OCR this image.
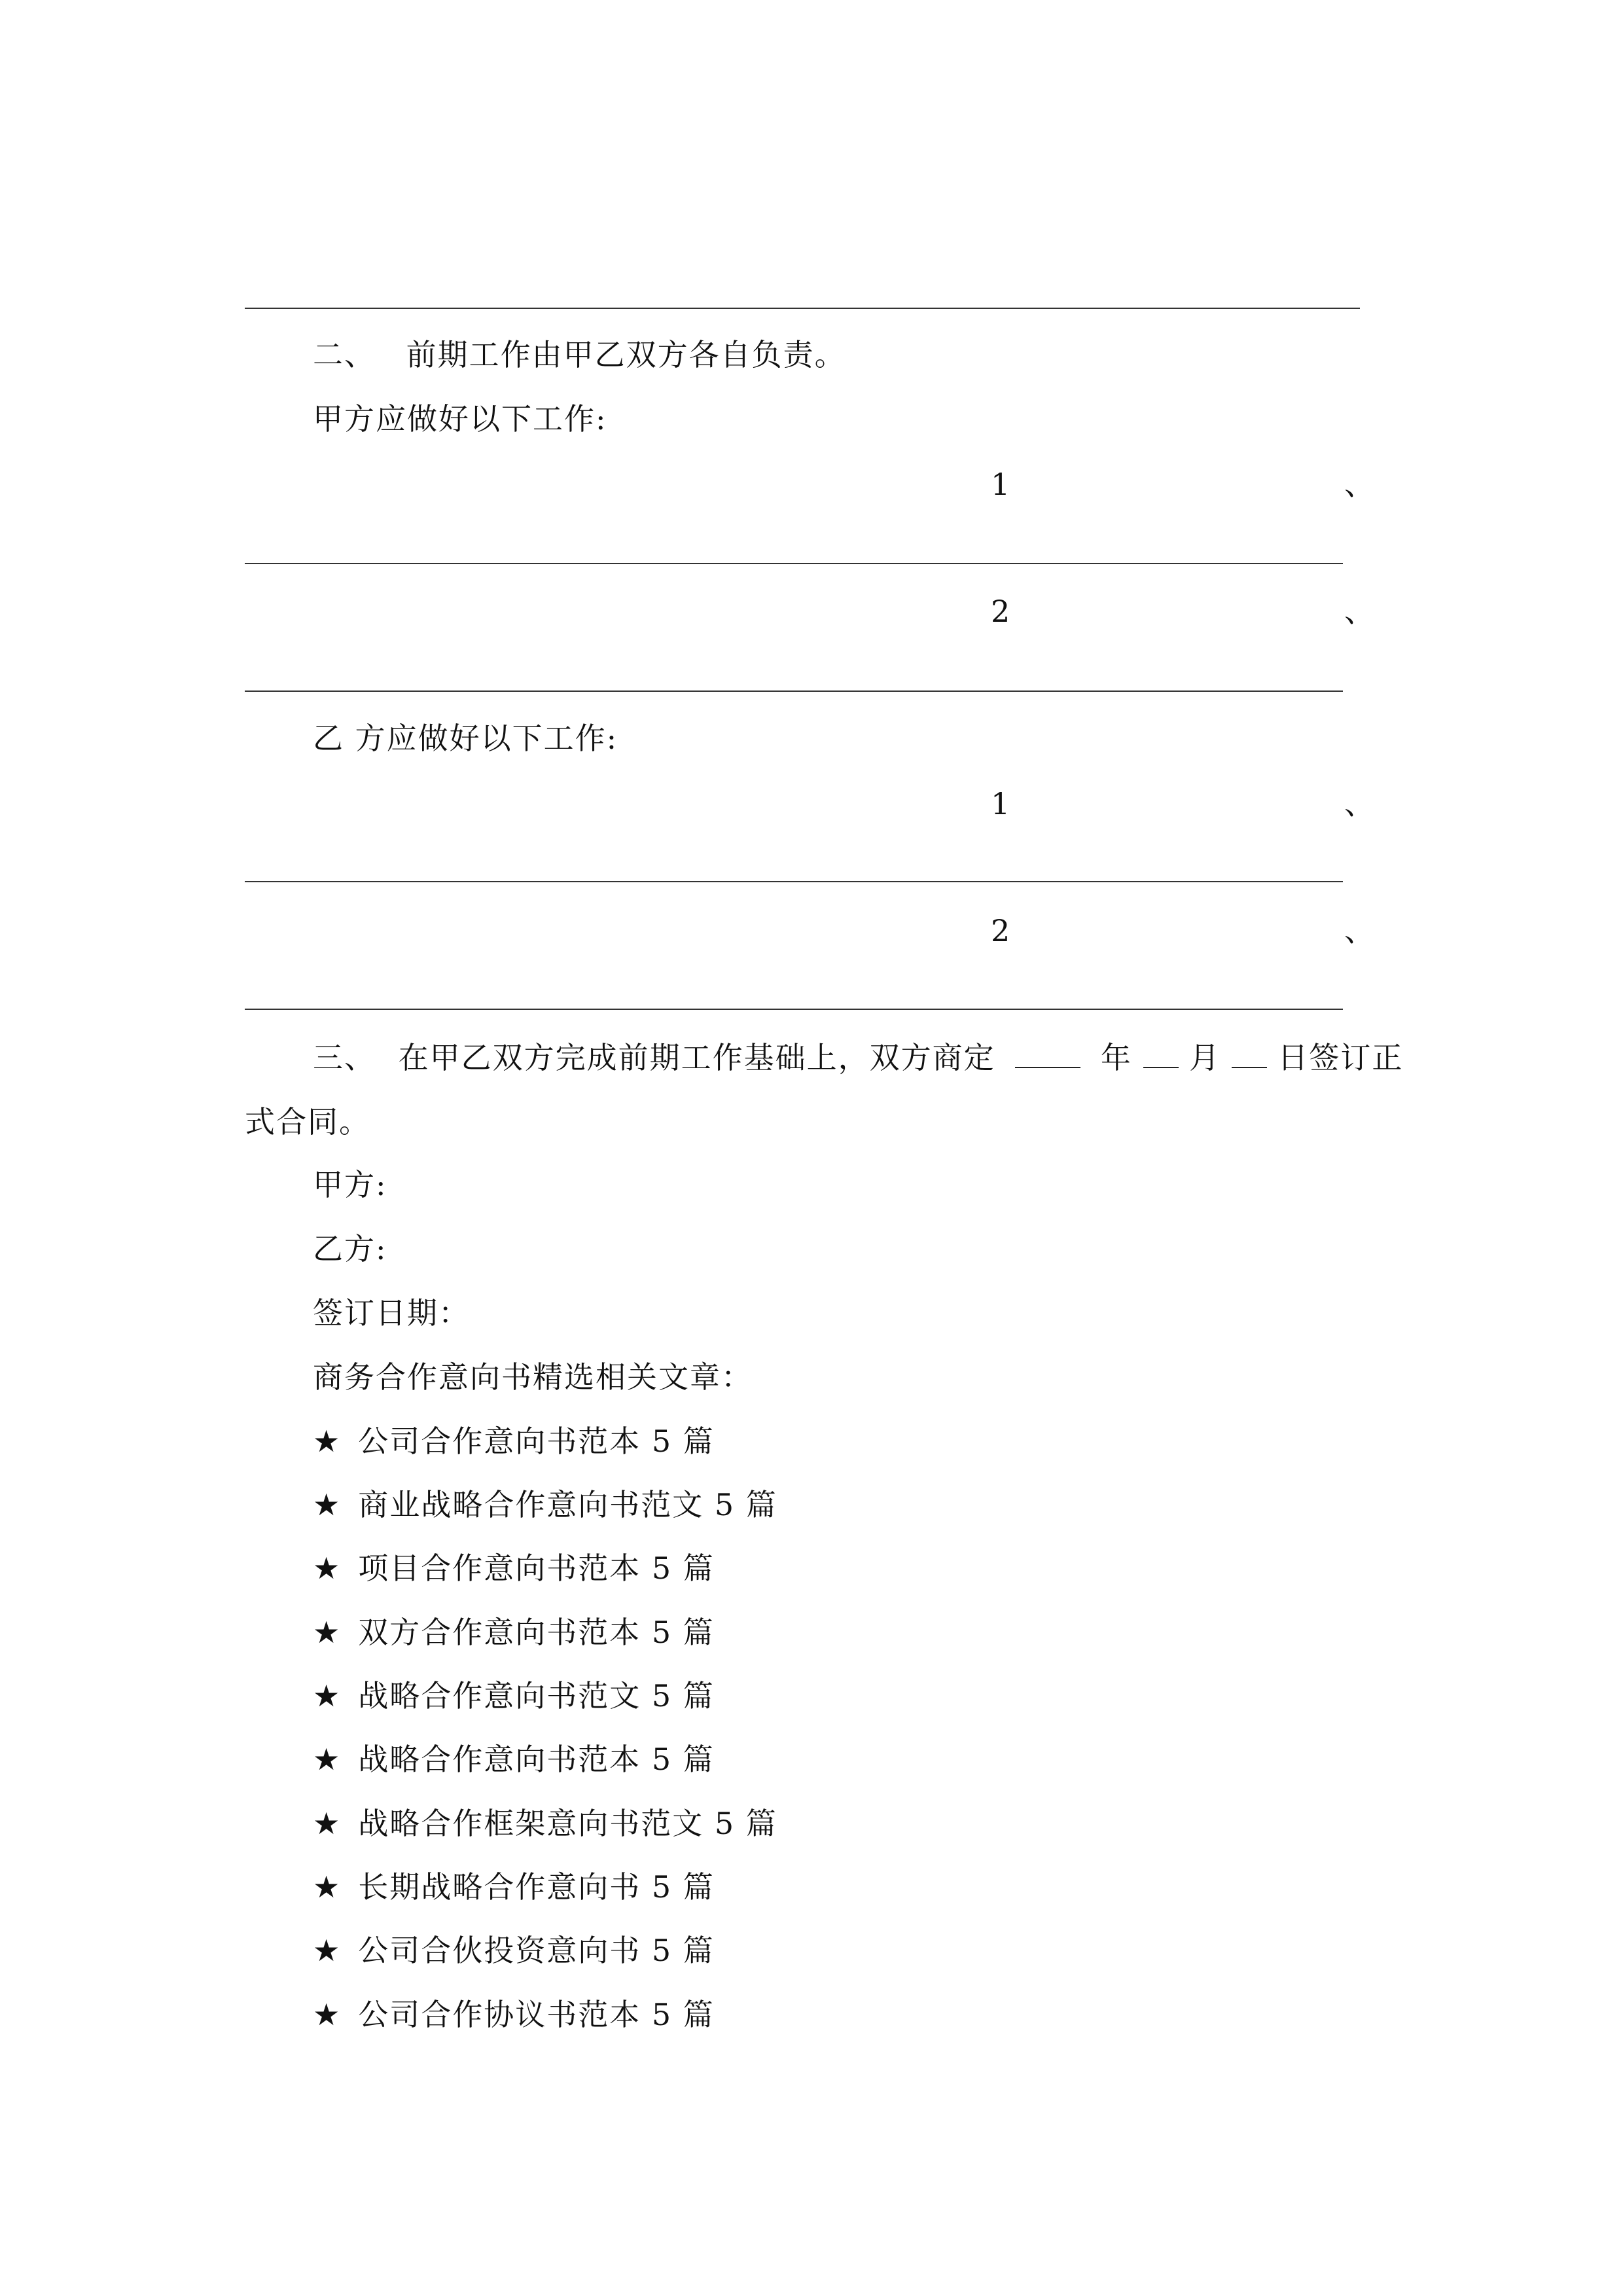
二、 前期工作由甲乙双方各自负责。
甲方应做好以下工作:
1	、
2	、
乙 方应做好以下工作:
1	、
2	、
三、 在甲乙双方完成前期工作基础上，双方商定	年 月 日签订正
式合同。
甲方:
乙方:
签订日期：
商务合作意向书精选相关文章：
★ 公司合作意向书范本 5 篇
★ 商业战略合作意向书范文 5 篇
★ 项目合作意向书范本 5 篇
★ 双方合作意向书范本 5 篇
★ 战略合作意向书范文 5 篇
★ 战略合作意向书范本 5 篇
★ 战略合作框架意向书范文 5 篇
★ 长期战略合作意向书 5 篇
★ 公司合伙投资意向书 5 篇
★ 公司合作协议书范本 5 篇
